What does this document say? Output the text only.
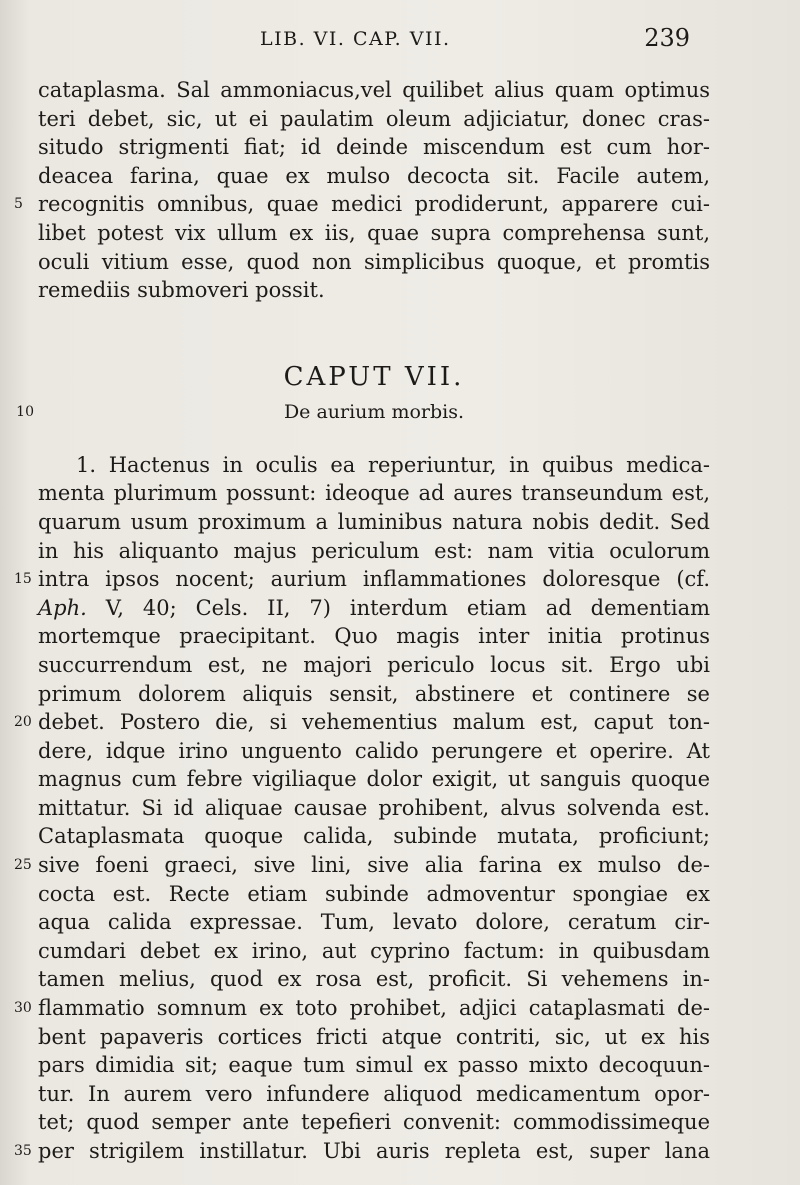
LIB. VI. CAP. VII.	239
cataplasma. Sal ammoniacus,vel quilibet alius quam optimus
teri debet, sic, ut ei paulatim oleum adjiciatur, donec cras-
situdo strigmenti fiat; id deinde miscendum est cum hor-
deacea farina, quae ex mulso decocta sit. Facile autem,
5 recognitis omnibus, quae medici prodiderunt, apparere cui-
libet potest vix ullum ex iis, quae supra comprehensa sunt,
oculi vitium esse, quod non simplicibus quoque, et promtis
remediis submoveri possit.
CAPUT VII.
10	De aurium morbis.
1. Hactenus in oculis ea reperiuntur, in quibus medica-
menta plurimum possunt: ideoque ad aures transeundum est,
quarum usum proximum a luminibus natura nobis dedit. Sed
in his aliquanto majus periculum est: nam vitia oculorum
15 intra ipsos nocent; aurium inflammationes doloresque (cf.
Aph. V, 40; Cels. II, 7) interdum etiam ad dementiam
mortemque praecipitant. Quo magis inter initia protinus
succurrendum est, ne majori periculo locus sit. Ergo ubi
primum dolorem aliquis sensit, abstinere et continere se
20 debet. Postero die, si vehementius malum est, caput ton-
dere, idque irino unguento calido perungere et operire. At
magnus cum febre vigiliaque dolor exigit, ut sanguis quoque
mittatur. Si id aliquae causae prohibent, alvus solvenda est.
Cataplasmata quoque calida, subinde mutata, proficiunt;
25 sive foeni graeci, sive lini, sive alia farina ex mulso de-
cocta est. Recte etiam subinde admoventur spongiae ex
aqua calida expressae. Tum, levato dolore, ceratum cir-
cumdari debet ex irino, aut cyprino factum: in quibusdam
tamen melius, quod ex rosa est, proficit. Si vehemens in-
30 flammatio somnum ex toto prohibet, adjici cataplasmati de-
bent papaveris cortices fricti atque contriti, sic, ut ex his
pars dimidia sit; eaque tum simul ex passo mixto decoquun-
tur. In aurem vero infundere aliquod medicamentum opor-
tet; quod semper ante tepefieri convenit: commodissimeque
35 per strigilem instillatur. Ubi auris repleta est, super lana
